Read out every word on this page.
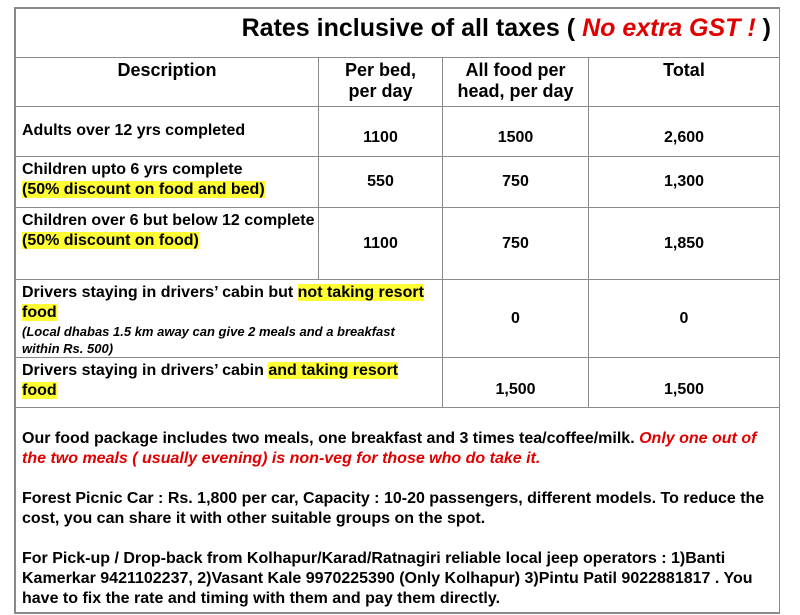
Rates inclusive of all taxes ( No extra GST ! )			
Description	Per bed, per day	All food per head, per day	Total
Adults over 12 yrs completed	1100	1500	2,600
Children upto 6 yrs complete
(50% discount on food and bed)	550	750	1,300
Children over 6 but below 12 complete
(50% discount on food)	1100	750	1,850
Drivers staying in drivers’ cabin but not taking resort food
(Local dhabas 1.5 km away can give 2 meals and a breakfast within Rs. 500)		0	0
Drivers staying in drivers’ cabin and taking resort food		1,500	1,500

Our food package includes two meals, one breakfast and 3 times tea/coffee/milk. Only one out of the two meals ( usually evening) is non-veg for those who do take it.

Forest Picnic Car : Rs. 1,800 per car, Capacity : 10-20 passengers, different models. To reduce the cost, you can share it with other suitable groups on the spot.

For Pick-up / Drop-back from Kolhapur/Karad/Ratnagiri reliable local jeep operators : 1)Banti Kamerkar 9421102237, 2)Vasant Kale 9970225390 (Only Kolhapur) 3)Pintu Patil 9022881817 . You have to fix the rate and timing with them and pay them directly.			
